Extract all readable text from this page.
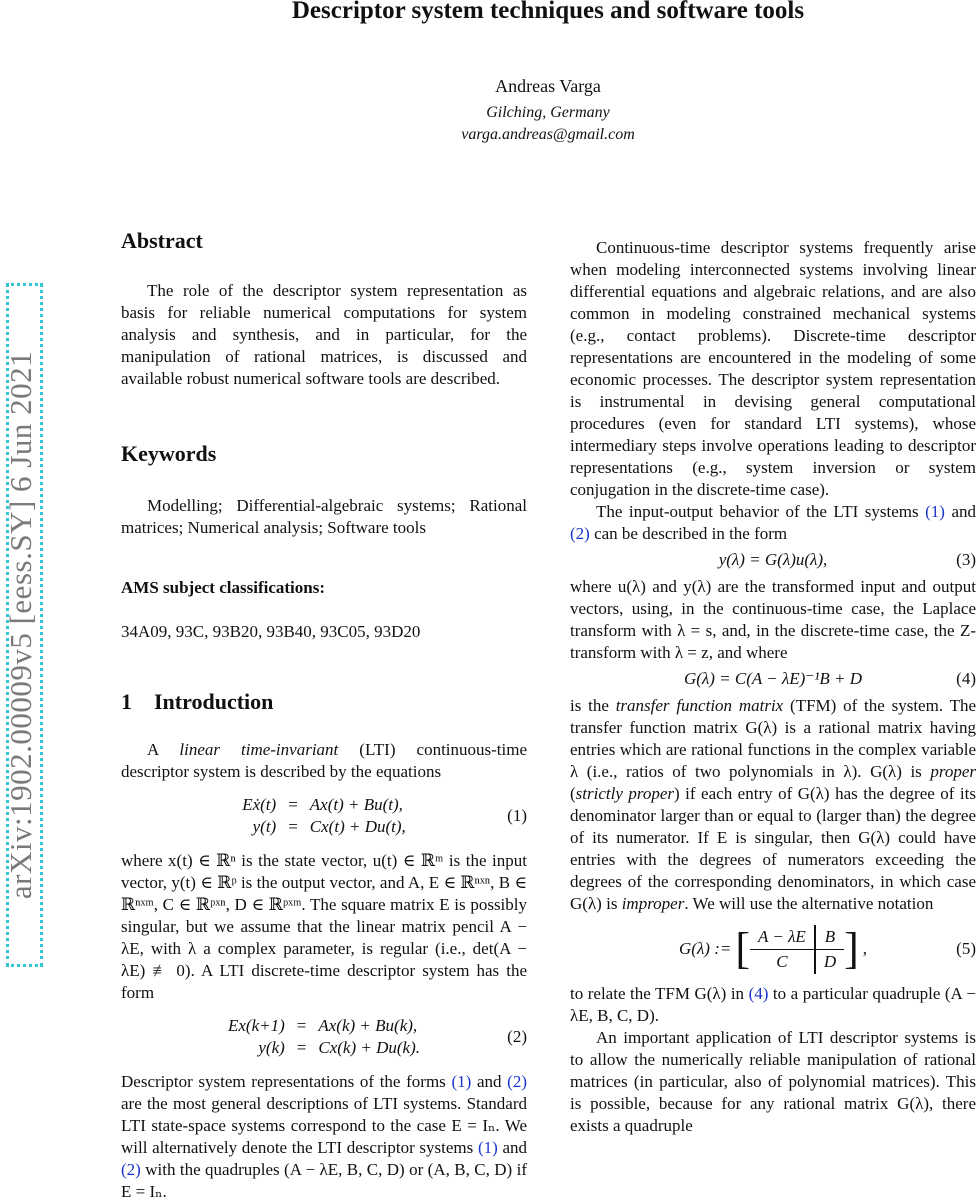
Descriptor system techniques and software tools
Andreas Varga
Gilching, Germany
varga.andreas@gmail.com
arXiv:1902.00009v5 [eess.SY] 6 Jun 2021
Abstract

The role of the descriptor system representation as basis for reliable numerical computations for system analysis and synthesis, and in particular, for the manipulation of rational matrices, is discussed and available robust numerical software tools are described.

Keywords

Modelling; Differential-algebraic systems; Rational matrices; Numerical analysis; Software tools

AMS subject classifications:

34A09, 93C, 93B20, 93B40, 93C05, 93D20

1    Introduction

A linear time-invariant (LTI) continuous-time descriptor system is described by the equations

Eẋ(t)	=	Ax(t) + Bu(t),
y(t)	=	Cx(t) + Du(t),
(1)

where x(t) ∈ ℝⁿ is the state vector, u(t) ∈ ℝᵐ is the input vector, y(t) ∈ ℝᵖ is the output vector, and A, E ∈ ℝⁿˣⁿ, B ∈ ℝⁿˣᵐ, C ∈ ℝᵖˣⁿ, D ∈ ℝᵖˣᵐ. The square matrix E is possibly singular, but we assume that the linear matrix pencil A − λE, with λ a complex parameter, is regular (i.e., det(A − λE) ≢ 0). A LTI discrete-time descriptor system has the form

Ex(k+1)	=	Ax(k) + Bu(k),
y(k)	=	Cx(k) + Du(k).
(2)

Descriptor system representations of the forms (1) and (2) are the most general descriptions of LTI systems. Standard LTI state-space systems correspond to the case E = Iₙ. We will alternatively denote the LTI descriptor systems (1) and (2) with the quadruples (A − λE, B, C, D) or (A, B, C, D) if E = Iₙ.

Continuous-time descriptor systems frequently arise when modeling interconnected systems involving linear differential equations and algebraic relations, and are also common in modeling constrained mechanical systems (e.g., contact problems). Discrete-time descriptor representations are encountered in the modeling of some economic processes. The descriptor system representation is instrumental in devising general computational procedures (even for standard LTI systems), whose intermediary steps involve operations leading to descriptor representations (e.g., system inversion or system conjugation in the discrete-time case).

The input-output behavior of the LTI systems (1) and (2) can be described in the form

y(λ) = G(λ)u(λ),	(3)

where u(λ) and y(λ) are the transformed input and output vectors, using, in the continuous-time case, the Laplace transform with λ = s, and, in the discrete-time case, the Z-transform with λ = z, and where

G(λ) = C(A − λE)⁻¹B + D	(4)

is the transfer function matrix (TFM) of the system. The transfer function matrix G(λ) is a rational matrix having entries which are rational functions in the complex variable λ (i.e., ratios of two polynomials in λ). G(λ) is proper (strictly proper) if each entry of G(λ) has the degree of its denominator larger than or equal to (larger than) the degree of its numerator. If E is singular, then G(λ) could have entries with the degrees of numerators exceeding the degrees of the corresponding denominators, in which case G(λ) is improper. We will use the alternative notation

G(λ) := [ A − λE	B
C	D ] ,	(5)

to relate the TFM G(λ) in (4) to a particular quadruple (A − λE, B, C, D).

An important application of LTI descriptor systems is to allow the numerically reliable manipulation of rational matrices (in particular, also of polynomial matrices). This is possible, because for any rational matrix G(λ), there exists a quadruple
